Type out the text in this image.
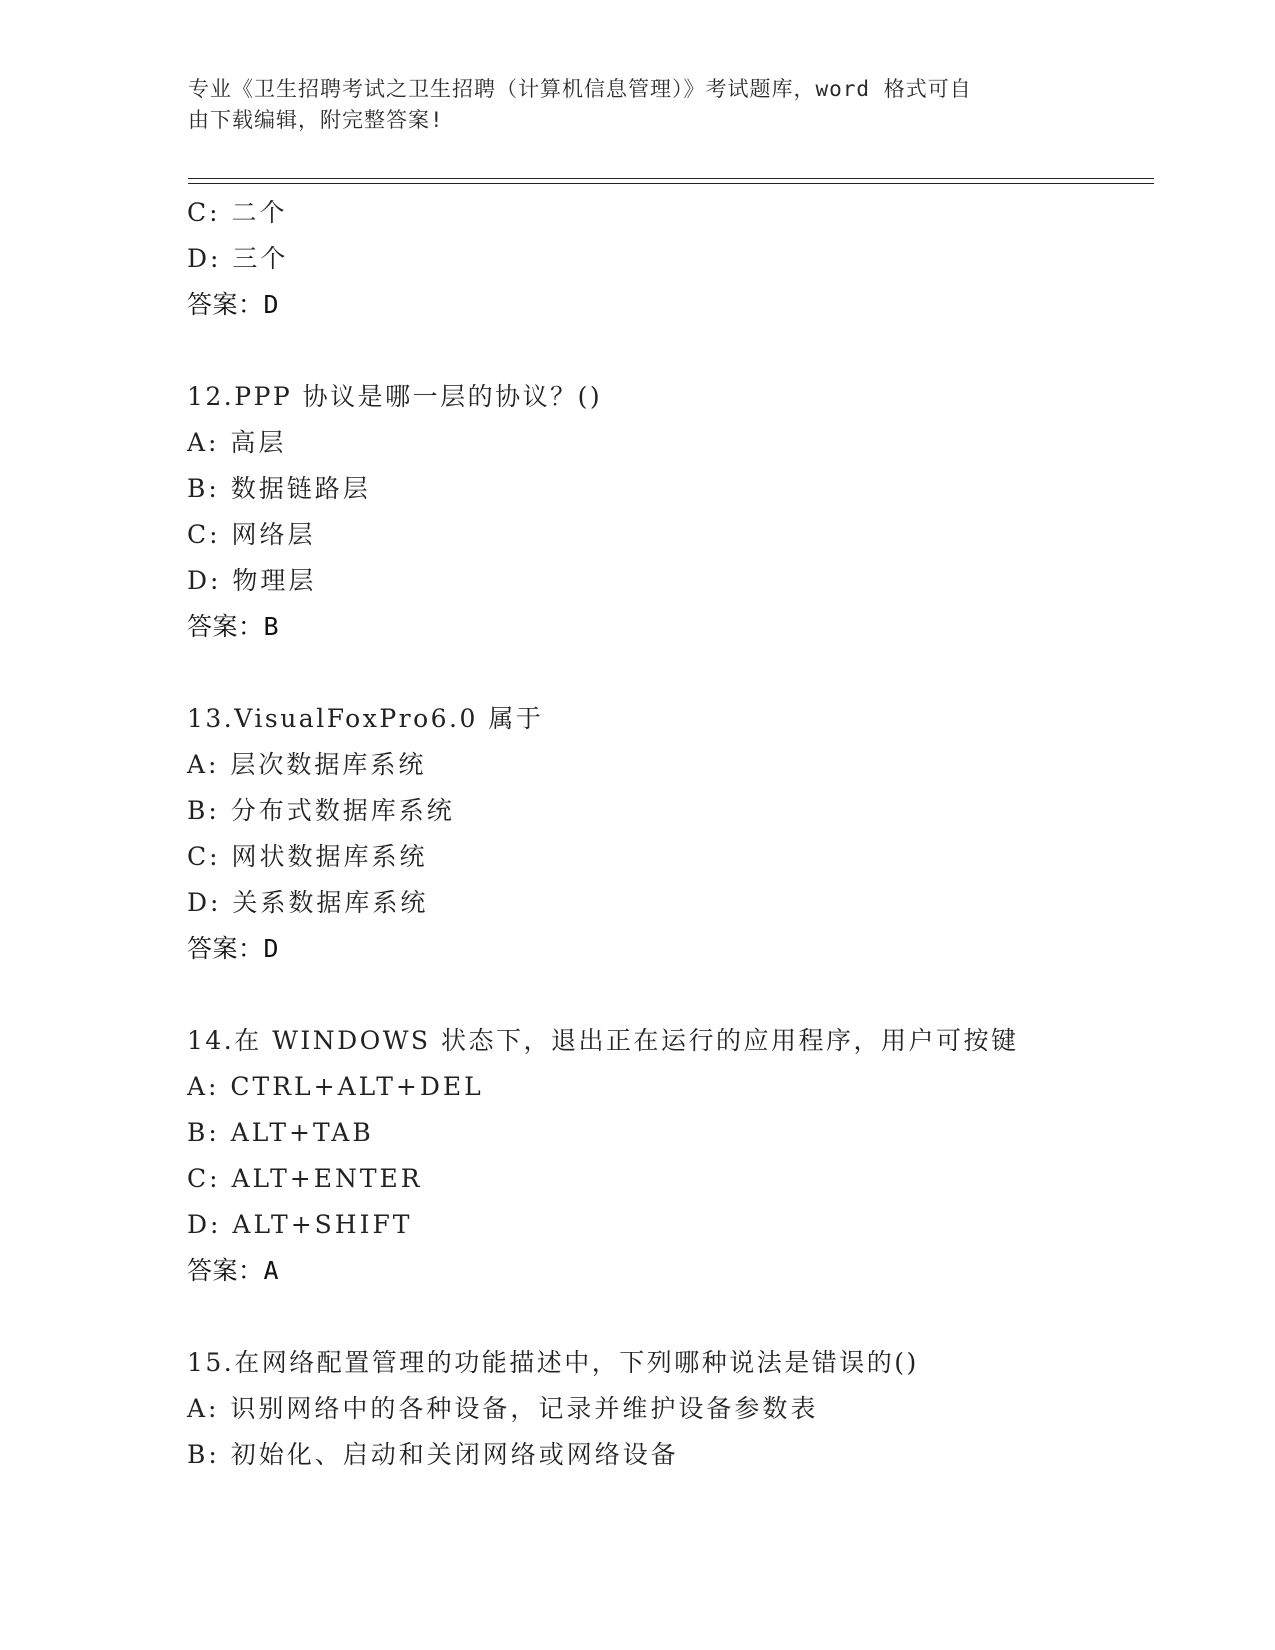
专业《卫生招聘考试之卫生招聘（计算机信息管理）》考试题库，word 格式可自
由下载编辑，附完整答案!
C: 二个
D: 三个
答案：D
12.PPP 协议是哪一层的协议？()
A: 高层
B: 数据链路层
C: 网络层
D: 物理层
答案：B
13.VisualFoxPro6.0 属于
A: 层次数据库系统
B: 分布式数据库系统
C: 网状数据库系统
D: 关系数据库系统
答案：D
14.在 WINDOWS 状态下，退出正在运行的应用程序，用户可按键
A: CTRL+ALT+DEL
B: ALT+TAB
C: ALT+ENTER
D: ALT+SHIFT
答案：A
15.在网络配置管理的功能描述中，下列哪种说法是错误的()
A: 识别网络中的各种设备，记录并维护设备参数表
B: 初始化、启动和关闭网络或网络设备
